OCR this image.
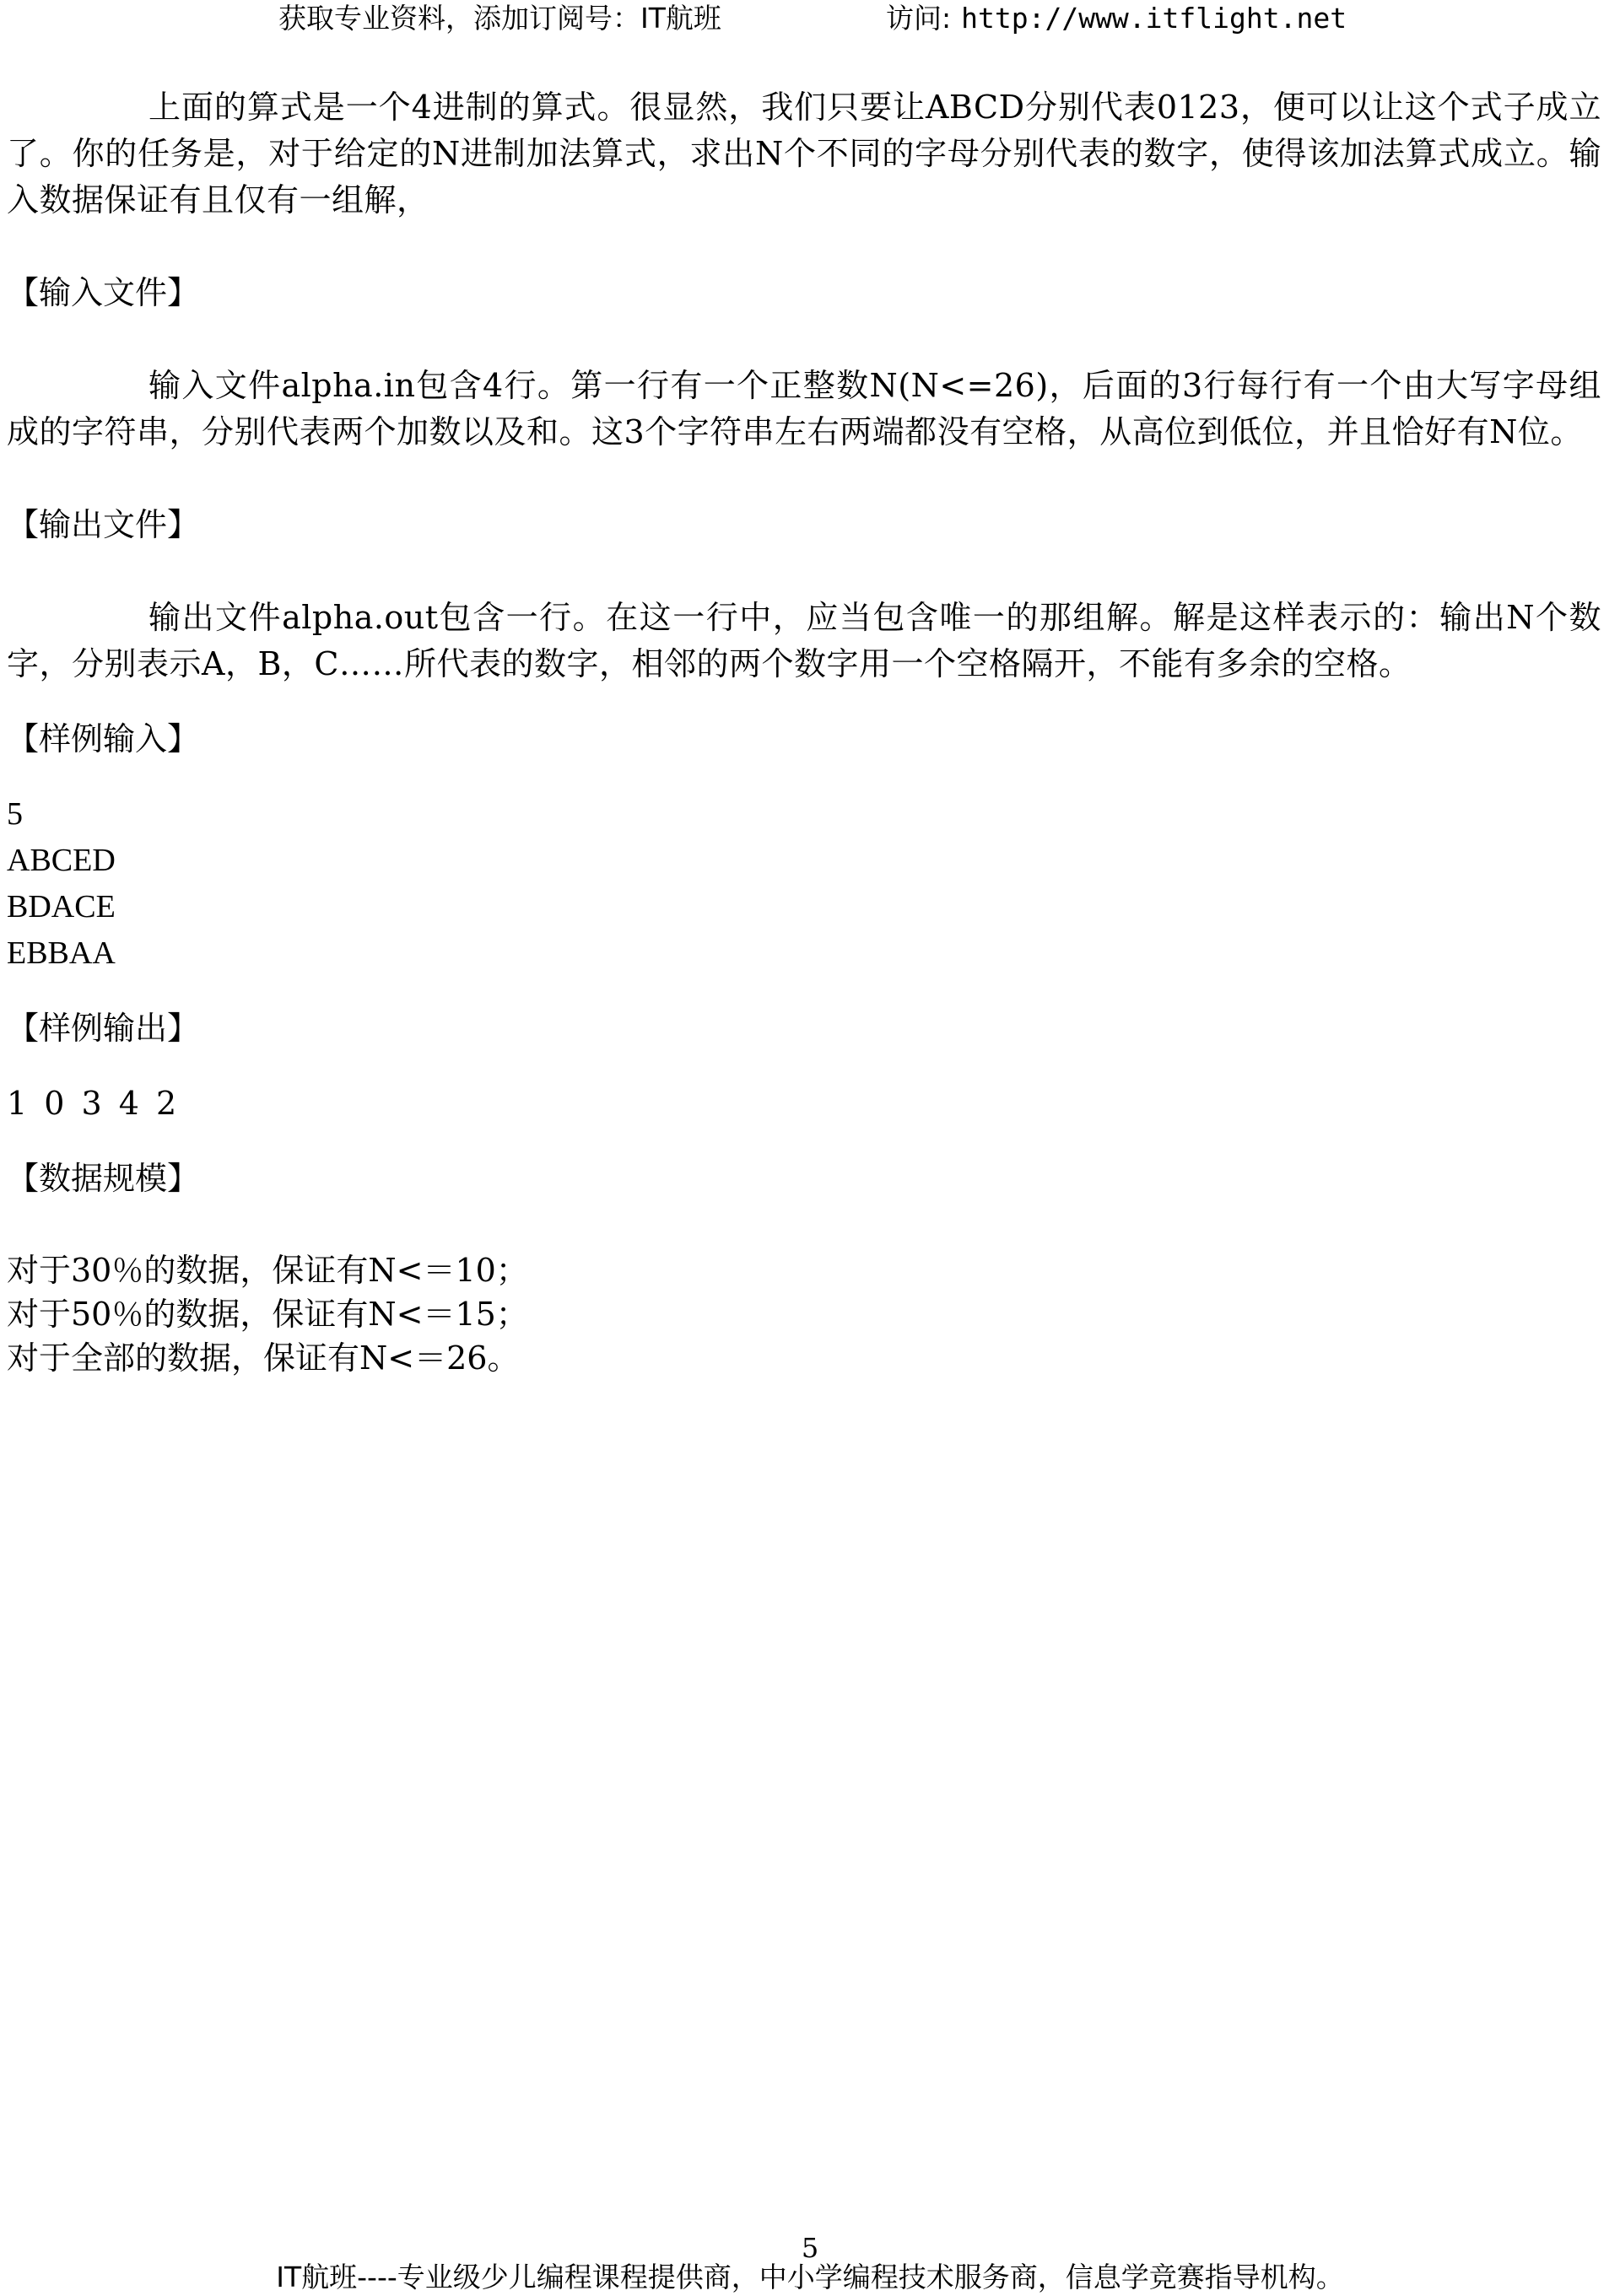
获取专业资料，添加订阅号：IT航班	访问: http://www.itflight.net

上面的算式是一个4进制的算式。很显然，我们只要让ABCD分别代表0123，便可以让这个式子成立了。你的任务是，对于给定的N进制加法算式，求出N个不同的字母分别代表的数字，使得该加法算式成立。输入数据保证有且仅有一组解，

【输入文件】

输入文件alpha.in包含4行。第一行有一个正整数N(N<=26)，后面的3行每行有一个由大写字母组成的字符串，分别代表两个加数以及和。这3个字符串左右两端都没有空格，从高位到低位，并且恰好有N位。

【输出文件】

输出文件alpha.out包含一行。在这一行中，应当包含唯一的那组解。解是这样表示的：输出N个数字，分别表示A，B，C……所代表的数字，相邻的两个数字用一个空格隔开，不能有多余的空格。

【样例输入】

5

ABCED

BDACE

EBBAA

【样例输出】

1 0 3 4 2

【数据规模】

对于30％的数据，保证有N<＝10；

对于50％的数据，保证有N<＝15；

对于全部的数据，保证有N<＝26。

5
IT航班----专业级少儿编程课程提供商，中小学编程技术服务商，信息学竞赛指导机构。
